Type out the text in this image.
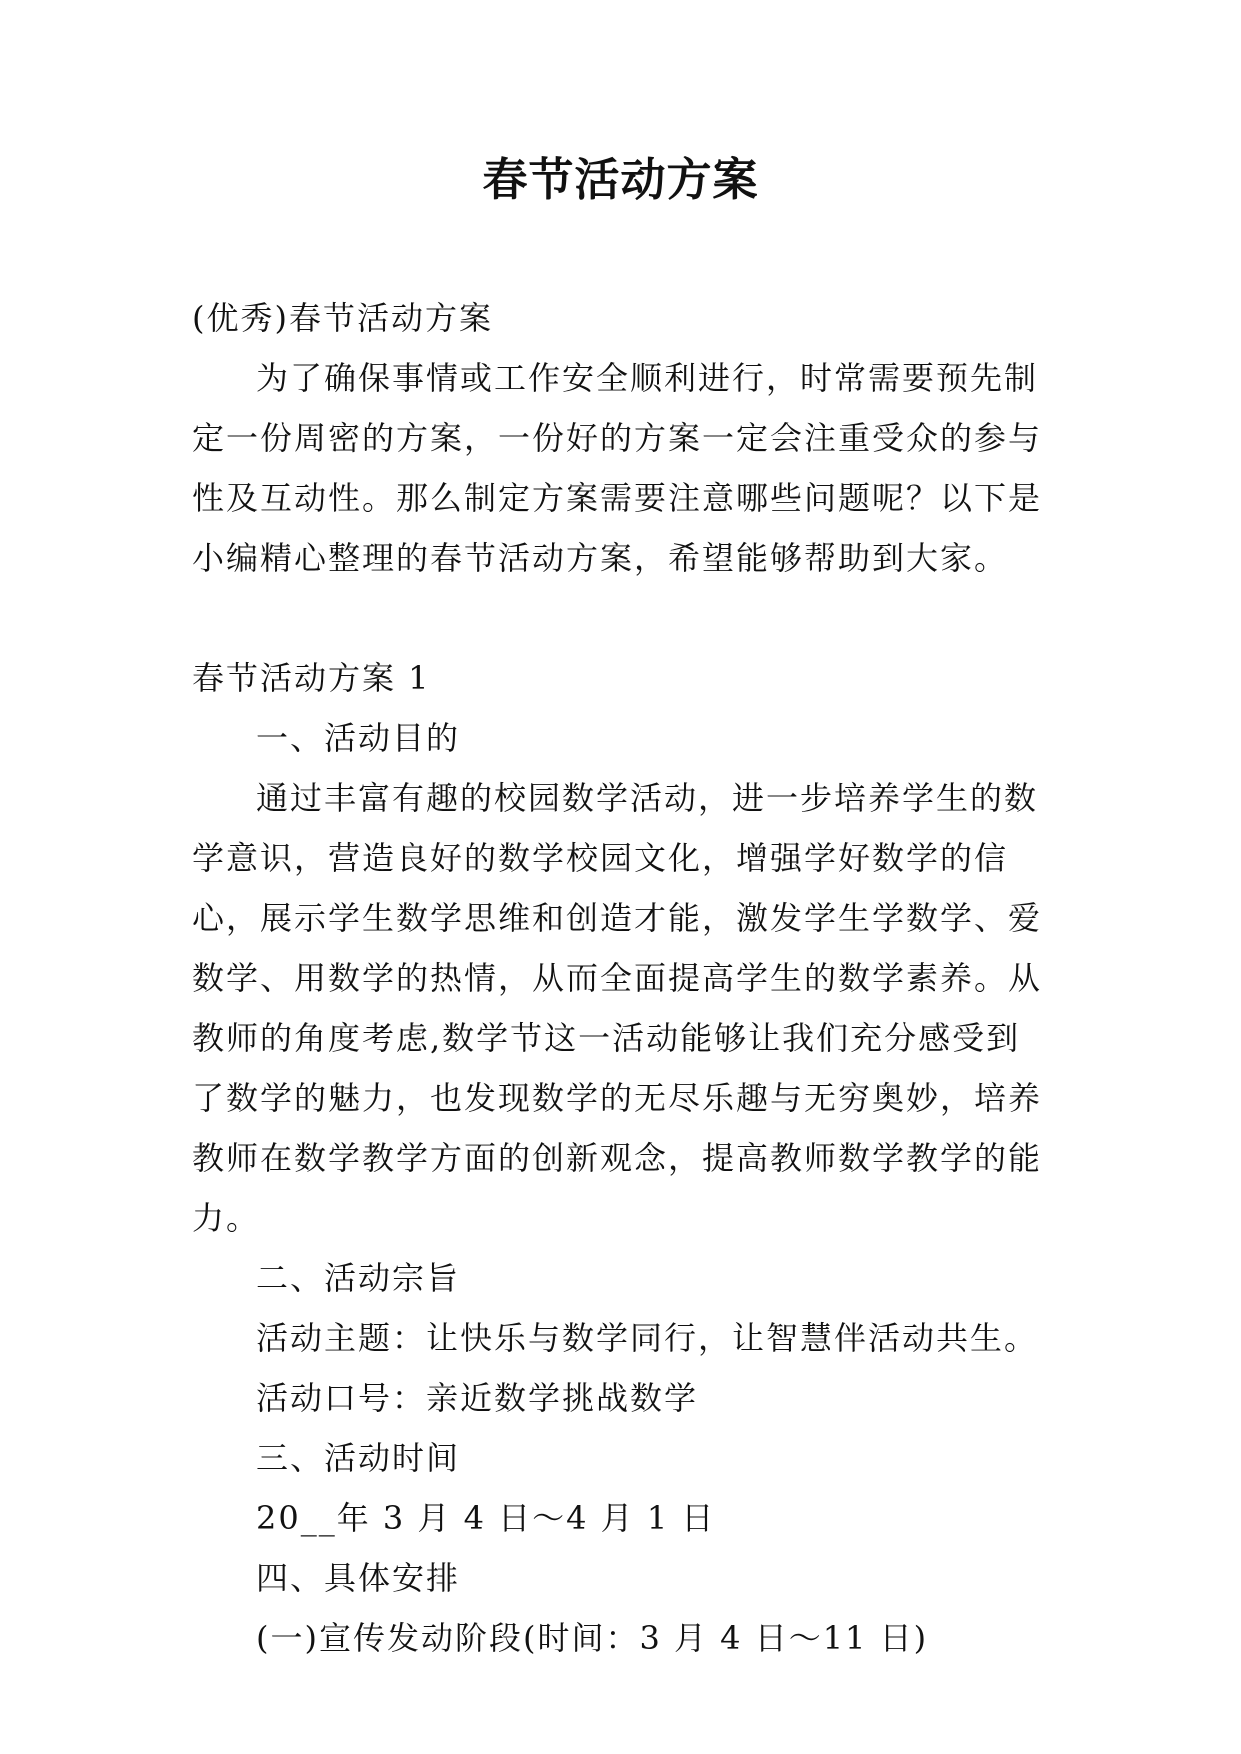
春节活动方案

(优秀)春节活动方案

为了确保事情或工作安全顺利进行，时常需要预先制定一份周密的方案，一份好的方案一定会注重受众的参与性及互动性。那么制定方案需要注意哪些问题呢？以下是小编精心整理的春节活动方案，希望能够帮助到大家。

春节活动方案 1

一、活动目的

通过丰富有趣的校园数学活动，进一步培养学生的数学意识，营造良好的数学校园文化，增强学好数学的信心，展示学生数学思维和创造才能，激发学生学数学、爱数学、用数学的热情，从而全面提高学生的数学素养。从教师的角度考虑,数学节这一活动能够让我们充分感受到了数学的魅力，也发现数学的无尽乐趣与无穷奥妙，培养教师在数学教学方面的创新观念，提高教师数学教学的能力。

二、活动宗旨

活动主题：让快乐与数学同行，让智慧伴活动共生。

活动口号：亲近数学挑战数学

三、活动时间

20__年 3 月 4 日～4 月 1 日

四、具体安排

(一)宣传发动阶段(时间：3 月 4 日～11 日)
